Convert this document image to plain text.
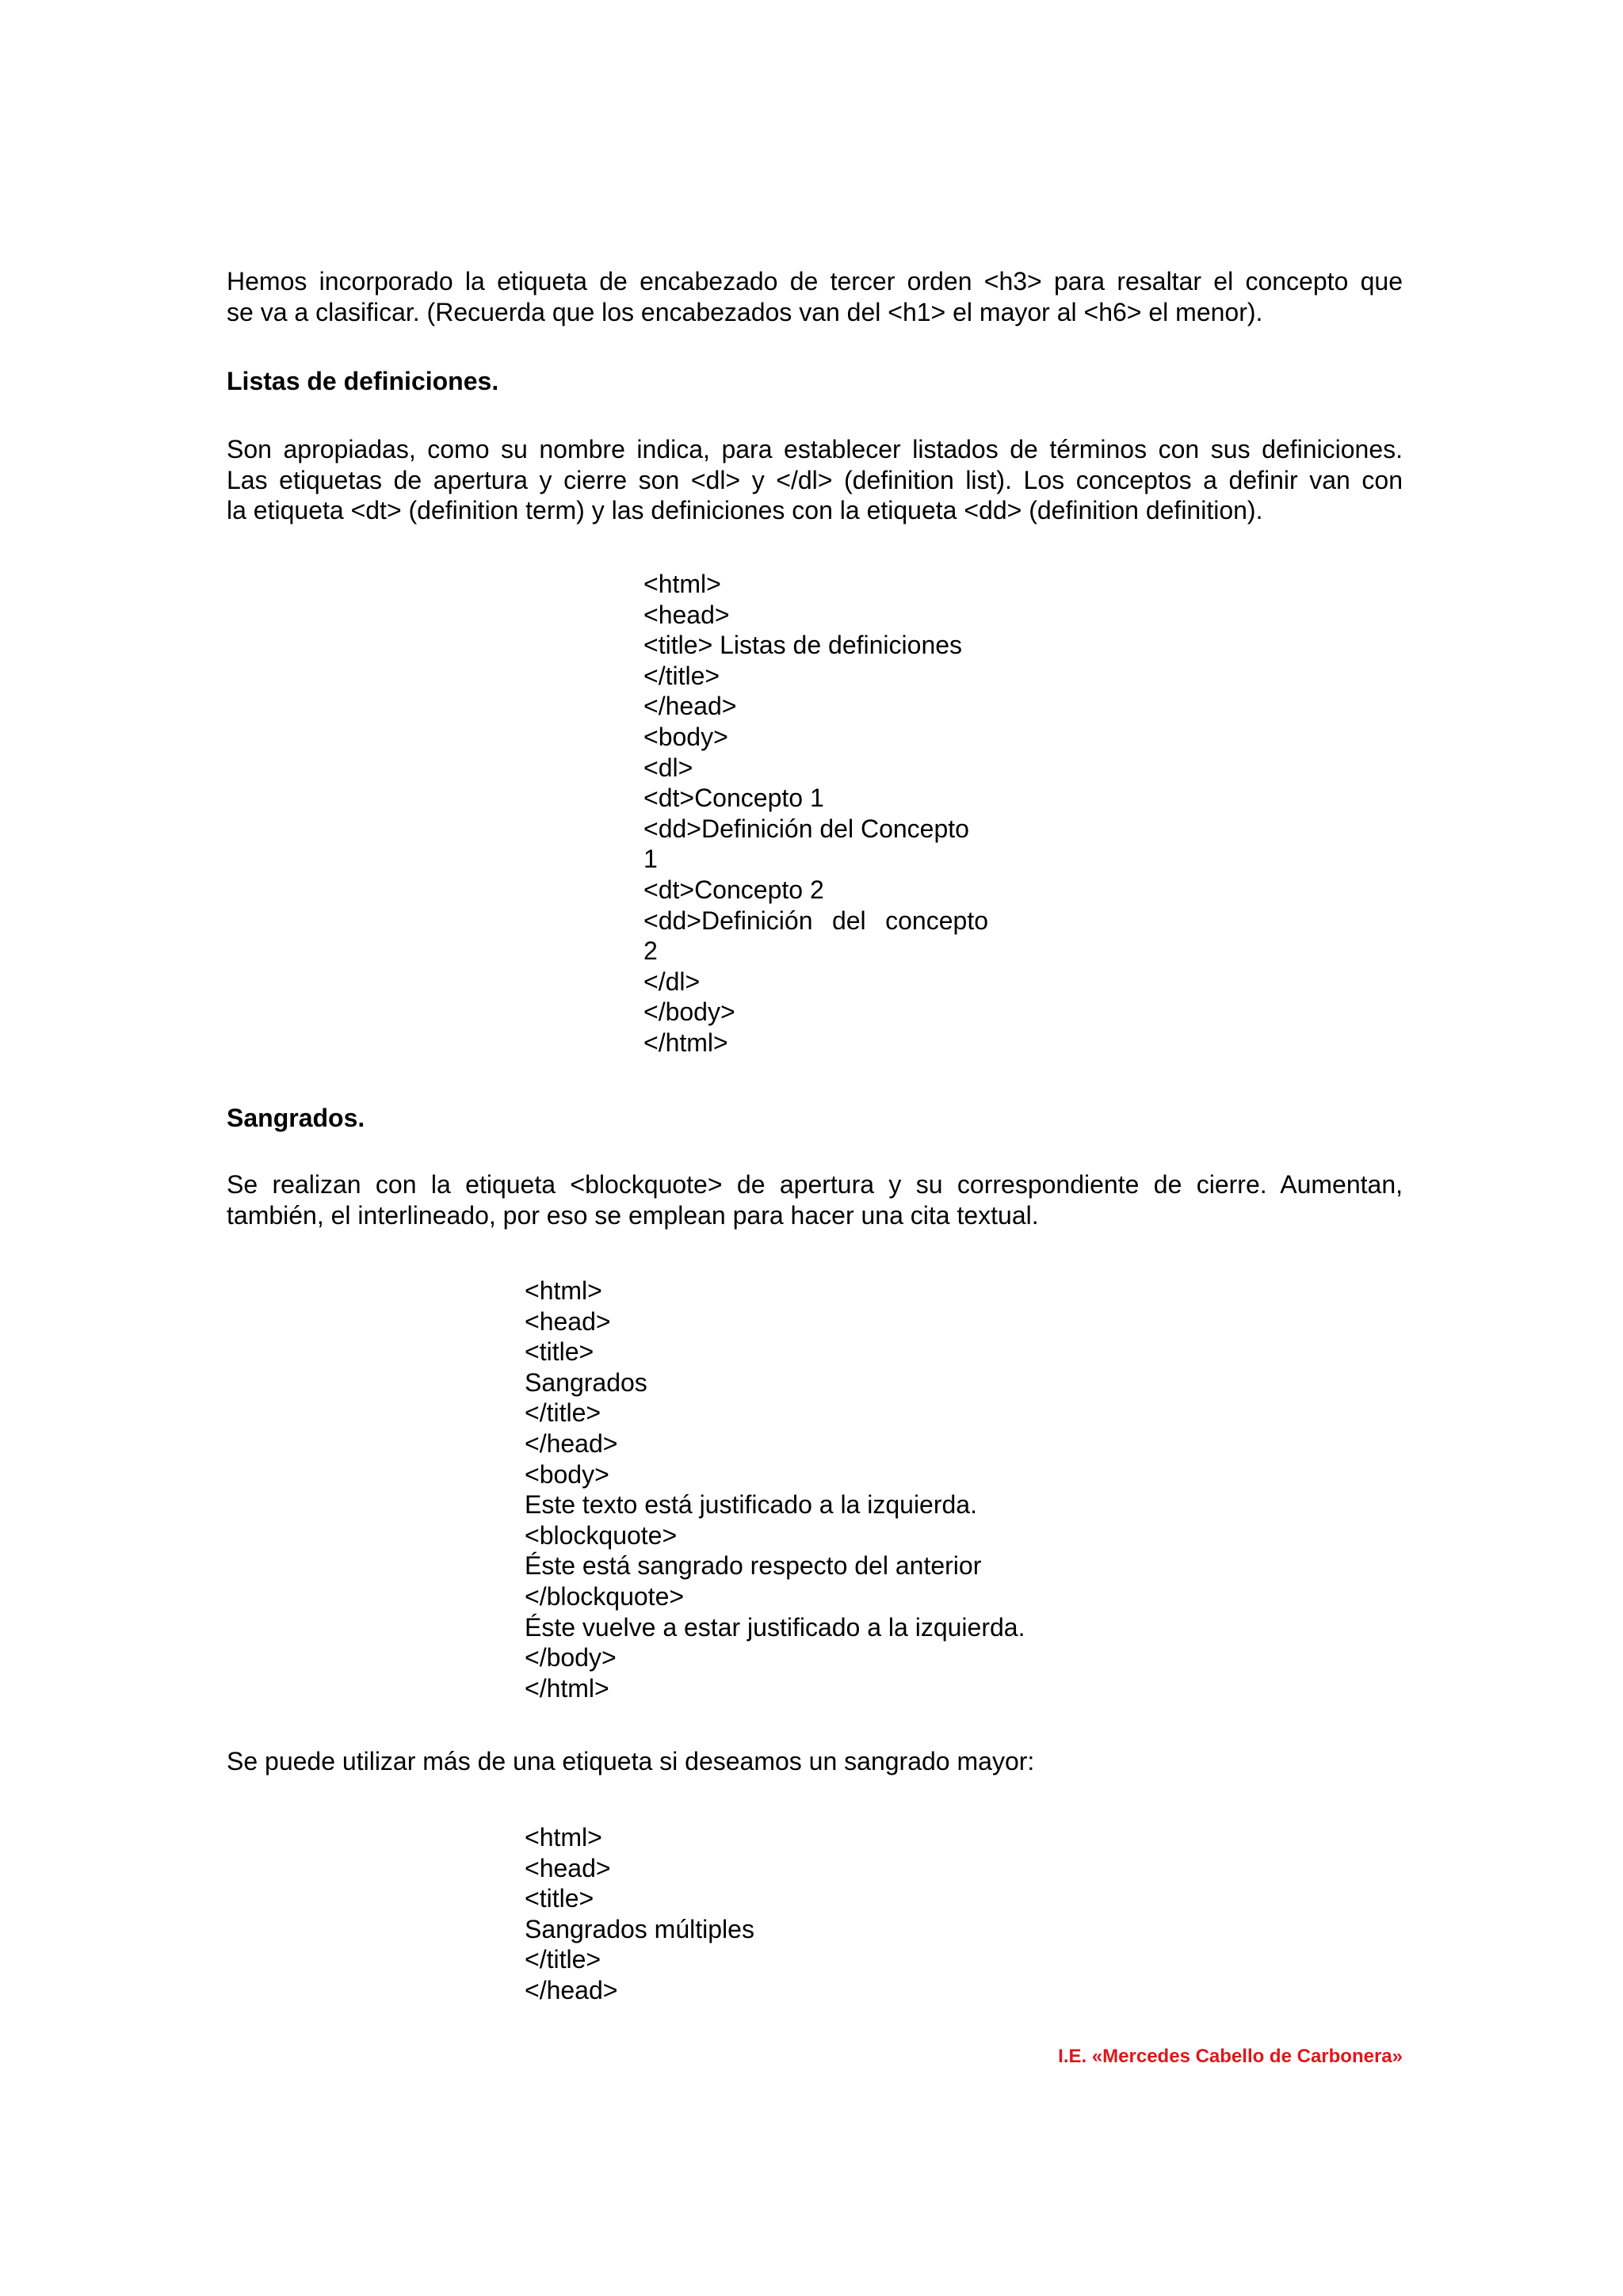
Hemos incorporado la etiqueta de encabezado de tercer orden <h3> para resaltar el concepto que
se va a clasificar. (Recuerda que los encabezados van del <h1> el mayor al <h6> el menor).

Listas de definiciones.

Son apropiadas, como su nombre indica, para establecer listados de términos con sus definiciones.
Las etiquetas de apertura y cierre son <dl> y </dl> (definition list). Los conceptos a definir van con
la etiqueta <dt> (definition term) y las definiciones con la etiqueta <dd> (definition definition).

<html>
<head>
<title> Listas de definiciones
</title>
</head>
<body>
<dl>
<dt>Concepto 1
<dd>Definición del Concepto
1
<dt>Concepto 2
<dd>Definición del concepto
2
</dl>
</body>
</html>
Sangrados.

Se realizan con la etiqueta <blockquote> de apertura y su correspondiente de cierre. Aumentan,
también, el interlineado, por eso se emplean para hacer una cita textual.

<html>
<head>
<title>
Sangrados
</title>
</head>
<body>
Este texto está justificado a la izquierda.
<blockquote>
Éste está sangrado respecto del anterior
</blockquote>
Éste vuelve a estar justificado a la izquierda.
</body>
</html>

Se puede utilizar más de una etiqueta si deseamos un sangrado mayor:

<html>
<head>
<title>
Sangrados múltiples
</title>
</head>
I.E. «Mercedes Cabello de Carbonera»
